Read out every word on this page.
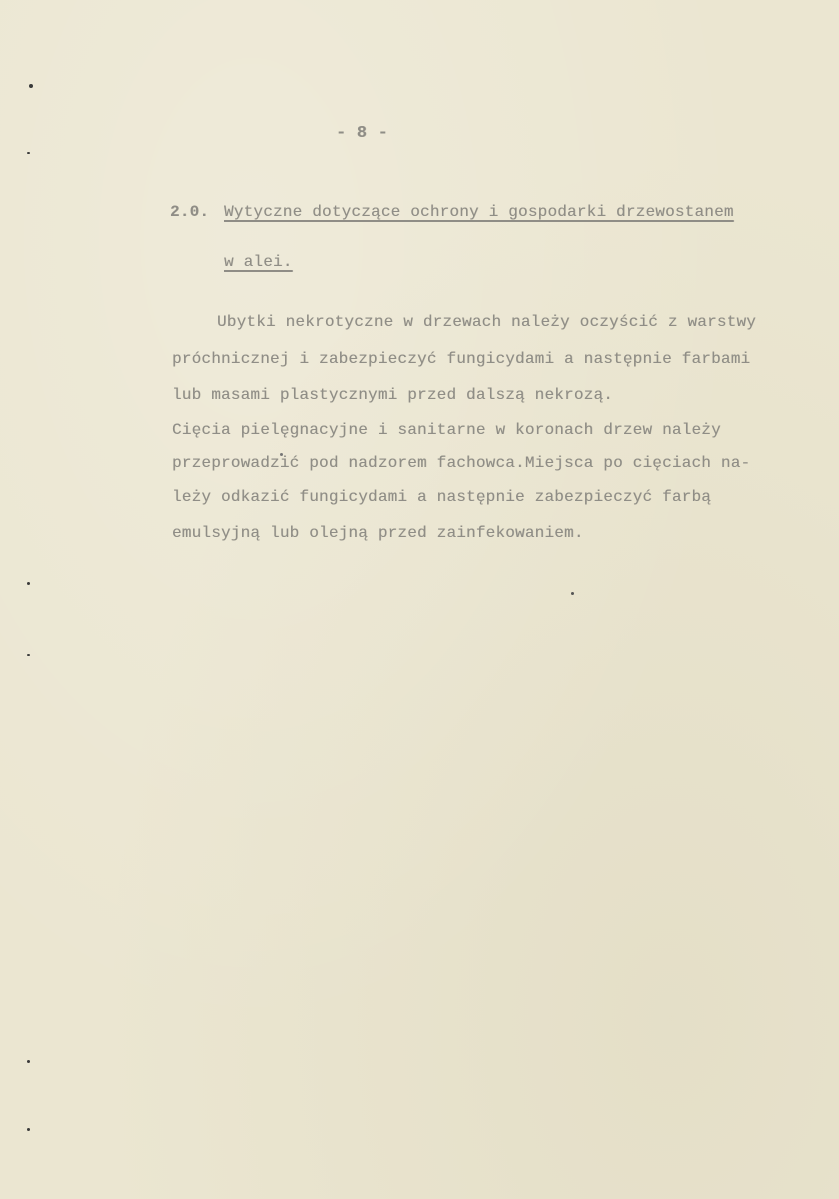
- 8 -
2.0. Wytyczne dotyczące ochrony i gospodarki drzewostanem
w alei.
Ubytki nekrotyczne w drzewach należy oczyścić z warstwy
próchnicznej i zabezpieczyć fungicydami a następnie farbami
lub masami plastycznymi przed dalszą nekrozą.
Cięcia pielęgnacyjne i sanitarne w koronach drzew należy
przeprowadzić pod nadzorem fachowca.Miejsca po cięciach na-
leży odkazić fungicydami a następnie zabezpieczyć farbą
emulsyjną lub olejną przed zainfekowaniem.
